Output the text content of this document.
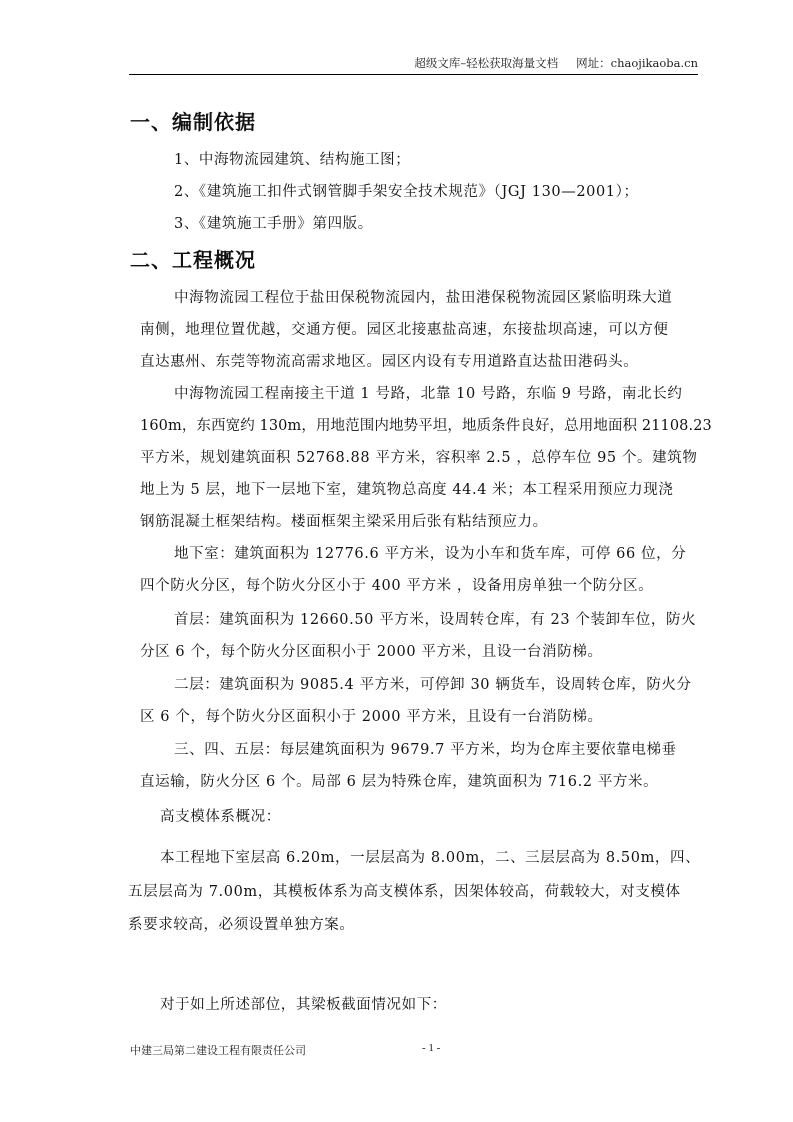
超级文库–轻松获取海量文档 网址：chaojikaoba.cn
一、编制依据
1、中海物流园建筑、结构施工图；
2、《建筑施工扣件式钢管脚手架安全技术规范》（JGJ 130—2001）；
3、《建筑施工手册》第四版。
二、工程概况
中海物流园工程位于盐田保税物流园内，盐田港保税物流园区紧临明珠大道
南侧，地理位置优越，交通方便。园区北接惠盐高速，东接盐坝高速，可以方便
直达惠州、东莞等物流高需求地区。园区内设有专用道路直达盐田港码头。
中海物流园工程南接主干道 1 号路，北靠 10 号路，东临 9 号路，南北长约
160m，东西宽约 130m，用地范围内地势平坦，地质条件良好，总用地面积 21108.23
平方米，规划建筑面积 52768.88 平方米，容积率 2.5 ，总停车位 95 个。建筑物
地上为 5 层，地下一层地下室，建筑物总高度 44.4 米；本工程采用预应力现浇
钢筋混凝土框架结构。楼面框架主梁采用后张有粘结预应力。
地下室：建筑面积为 12776.6 平方米，设为小车和货车库，可停 66 位，分
四个防火分区，每个防火分区小于 400 平方米 ，设备用房单独一个防分区。
首层：建筑面积为 12660.50 平方米，设周转仓库，有 23 个装卸车位，防火
分区 6 个，每个防火分区面积小于 2000 平方米，且设一台消防梯。
二层：建筑面积为 9085.4 平方米，可停卸 30 辆货车，设周转仓库，防火分
区 6 个，每个防火分区面积小于 2000 平方米，且设有一台消防梯。
三、四、五层：每层建筑面积为 9679.7 平方米，均为仓库主要依靠电梯垂
直运输，防火分区 6 个。局部 6 层为特殊仓库，建筑面积为 716.2 平方米。
高支模体系概况：
本工程地下室层高 6.20m，一层层高为 8.00m，二、三层层高为 8.50m，四、
五层层高为 7.00m，其模板体系为高支模体系，因架体较高，荷载较大，对支模体
系要求较高，必须设置单独方案。
对于如上所述部位，其梁板截面情况如下：
中建三局第二建设工程有限责任公司	- 1 -
